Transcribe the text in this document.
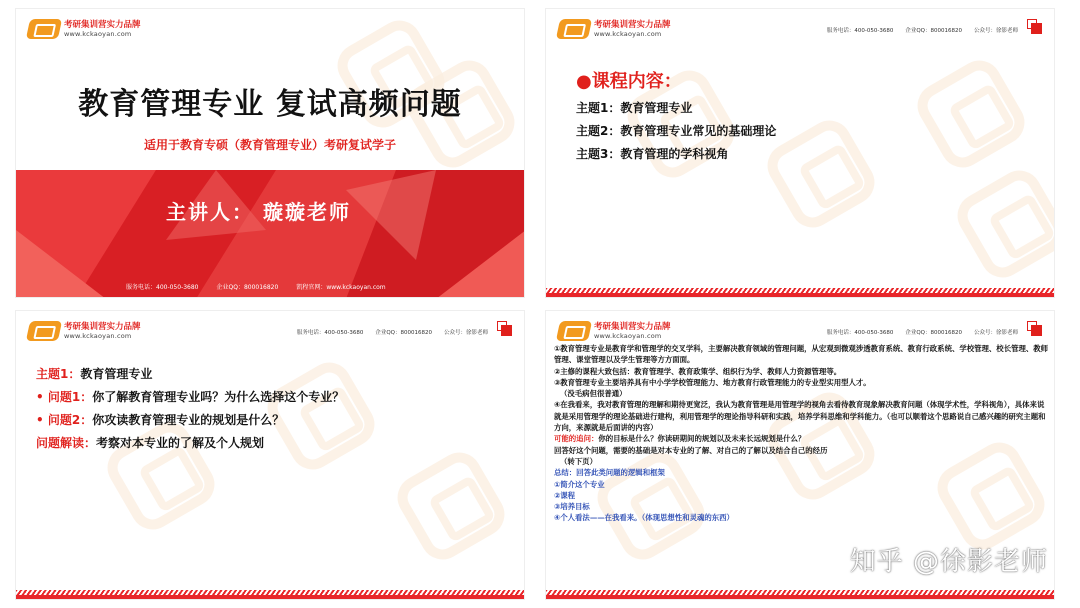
考研集训营实力品牌
www.kckaoyan.com
教育管理专业 复试高频问题
适用于教育专硕（教育管理专业）考研复试学子
主讲人： 璇璇老师
服务电话：400-050-3680	企业QQ：800016820	凯程官网：www.kckaoyan.com
考研集训营实力品牌
www.kckaoyan.com	服务电话：400-050-3680 企业QQ：800016820 公众号：徐影老师
●课程内容：
主题1：教育管理专业
主题2：教育管理专业常见的基础理论
主题3：教育管理的学科视角
考研集训营实力品牌
www.kckaoyan.com	服务电话：400-050-3680 企业QQ：800016820 公众号：徐影老师
主题1：教育管理专业
• 问题1：你了解教育管理专业吗？为什么选择这个专业？
• 问题2：你攻读教育管理专业的规划是什么？
问题解读：考察对本专业的了解及个人规划
考研集训营实力品牌
www.kckaoyan.com	服务电话：400-050-3680 企业QQ：800016820 公众号：徐影老师
①教育管理专业是教育学和管理学的交叉学科，主要解决教育领域的管理问题，从宏观到微观涉透教育系统、教育行政系统、学校管理、校长管理、教师管理、课堂管理以及学生管理等方方面面。
②主修的课程大致包括：教育管理学、教育政策学、组织行为学、教师人力资源管理等。
③教育管理专业主要培养具有中小学学校管理能力、地方教育行政管理能力的专业型实用型人才。
（没毛病但很普通）
④在我看来，我对教育管理的理解和期待更宽泛，我认为教育管理是用管理学的视角去看待教育现象解决教育问题（体现学术性，学科视角），具体来说就是采用管理学的理论基础进行建构，利用管理学的理论指导科研和实践，培养学科思维和学科能力。（也可以顺着这个思路说自己感兴趣的研究主题和方向，来源就是后面讲的内容）
可能的追问：你的目标是什么？你读研期间的规划以及未来长远规划是什么？
回答好这个问题，需要的基础是对本专业的了解、对自己的了解以及结合自己的经历
（转下页）
总结：回答此类问题的逻辑和框架
①简介这个专业
②课程
③培养目标
④个人看法——在我看来。（体现思想性和灵魂的东西）
知乎 @徐影老师
